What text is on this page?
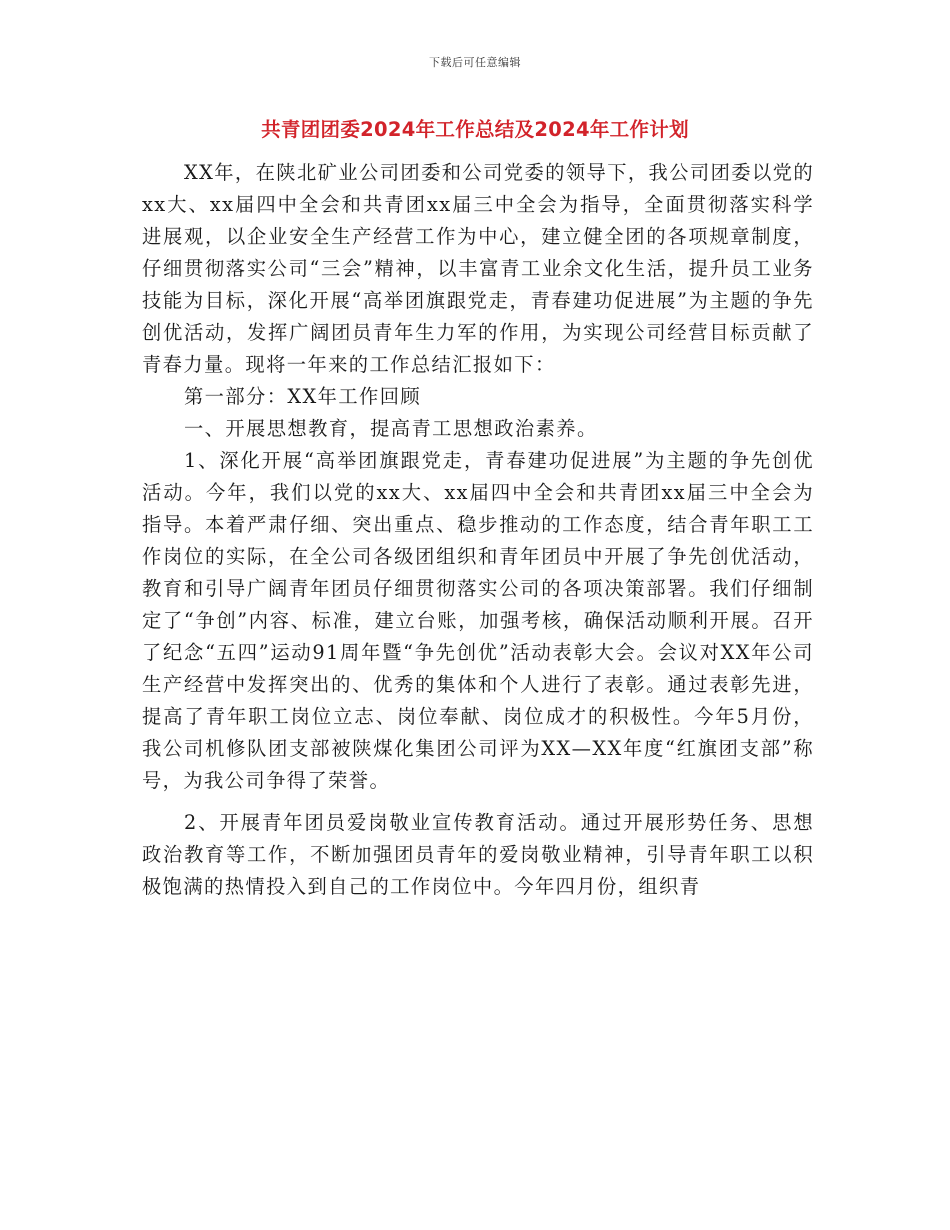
下载后可任意编辑
共青团团委2024年工作总结及2024年工作计划

XX年，在陕北矿业公司团委和公司党委的领导下，我公司团委以党的xx大、xx届四中全会和共青团xx届三中全会为指导，全面贯彻落实科学进展观，以企业安全生产经营工作为中心，建立健全团的各项规章制度，仔细贯彻落实公司“三会”精神，以丰富青工业余文化生活，提升员工业务技能为目标，深化开展“高举团旗跟党走，青春建功促进展”为主题的争先创优活动，发挥广阔团员青年生力军的作用，为实现公司经营目标贡献了青春力量。现将一年来的工作总结汇报如下：

第一部分：XX年工作回顾

一、开展思想教育，提高青工思想政治素养。

1、深化开展“高举团旗跟党走，青春建功促进展”为主题的争先创优活动。今年，我们以党的xx大、xx届四中全会和共青团xx届三中全会为指导。本着严肃仔细、突出重点、稳步推动的工作态度，结合青年职工工作岗位的实际，在全公司各级团组织和青年团员中开展了争先创优活动，教育和引导广阔青年团员仔细贯彻落实公司的各项决策部署。我们仔细制定了“争创”内容、标准，建立台账，加强考核，确保活动顺利开展。召开了纪念“五四”运动91周年暨“争先创优”活动表彰大会。会议对XX年公司生产经营中发挥突出的、优秀的集体和个人进行了表彰。通过表彰先进，提高了青年职工岗位立志、岗位奉献、岗位成才的积极性。今年5月份，我公司机修队团支部被陕煤化集团公司评为XX—XX年度“红旗团支部”称号，为我公司争得了荣誉。

2、开展青年团员爱岗敬业宣传教育活动。通过开展形势任务、思想政治教育等工作，不断加强团员青年的爱岗敬业精神，引导青年职工以积极饱满的热情投入到自己的工作岗位中。今年四月份，组织青
